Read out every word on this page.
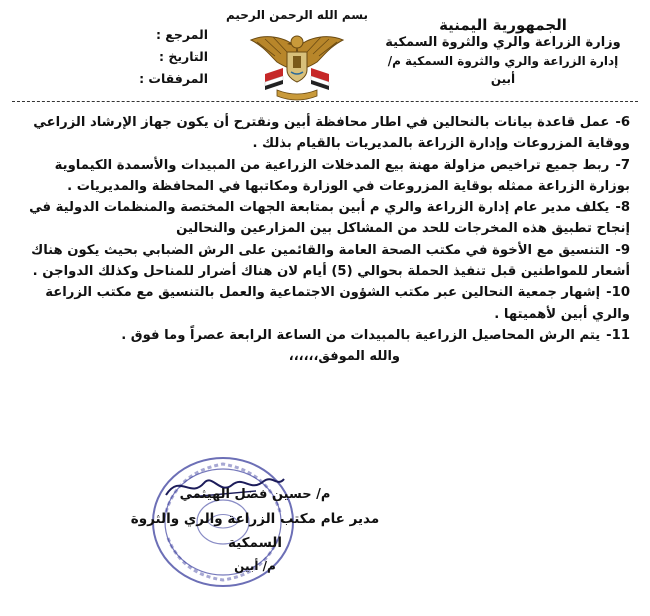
الجمهورية اليمنية
وزارة الزراعة والري والثروة السمكية
إدارة الزراعة والري والثروة السمكية م/ أبين
بسم الله الرحمن الرحيم
المرجع :
التاريخ :
المرفقات :
6-عمل قاعدة بيانات بالنحالين في اطار محافظة أبين ونقترح أن يكون جهاز الإرشاد الزراعي
ووقاية المزروعات وإدارة الزراعة بالمديريات بالقيام بذلك .
7-ربط جميع تراخيص مزاولة مهنة بيع المدخلات الزراعية من المبيدات والأسمدة الكيماوية
بوزارة الزراعة ممثله بوقاية المزروعات في الوزارة ومكاتبها في المحافظة والمديريات .
8-يكلف مدير عام إدارة الزراعة والري م أبين بمتابعة الجهات المختصة والمنظمات الدولية في
إنجاح تطبيق هذه المخرجات للحد من المشاكل بين المزارعين والنحالين
9-التنسيق مع الأخوة في مكتب الصحة العامة والقائمين على الرش الضبابي بحيث يكون هناك
أشعار للمواطنين قبل تنفيذ الحملة بحوالي (5) أيام لان هناك أضرار للمناحل وكذلك الدواجن .
10-إشهار جمعية النحالين عبر مكتب الشؤون الاجتماعية والعمل بالتنسيق مع مكتب الزراعة
والري أبين لأهميتها .
11-يتم الرش المحاصيل الزراعية بالمبيدات من الساعة الرابعة عصراً وما فوق .
والله الموفق،،،،،،
م/ حسين فضل الهيثمي
مدير عام مكتب الزراعة والري والثروة السمكية
م/ أبين
